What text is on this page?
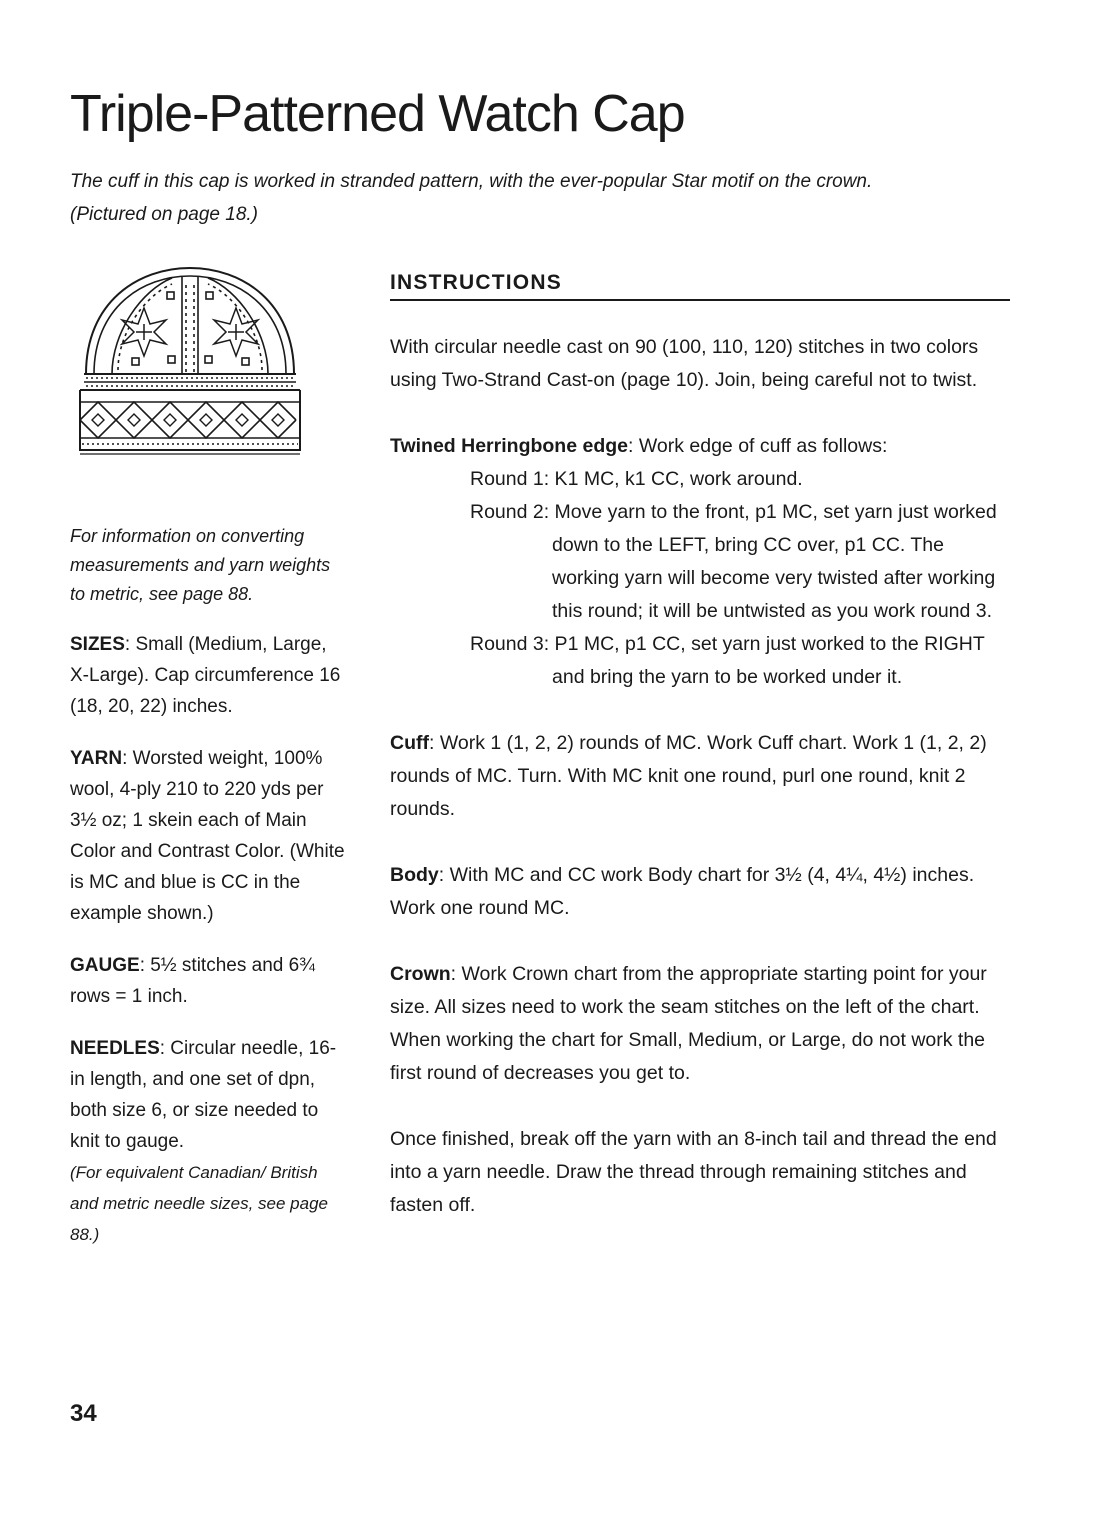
Triple-Patterned Watch Cap
The cuff in this cap is worked in stranded pattern, with the ever-popular Star motif on the crown.
(Pictured on page 18.)

For information on converting measurements and yarn weights to metric, see page 88.

SIZES: Small (Medium, Large, X-Large). Cap circumference 16 (18, 20, 22) inches.

YARN: Worsted weight, 100% wool, 4-ply 210 to 220 yds per 3½ oz; 1 skein each of Main Color and Contrast Color. (White is MC and blue is CC in the example shown.)

GAUGE: 5½ stitches and 6¾ rows = 1 inch.

NEEDLES: Circular needle, 16-in length, and one set of dpn, both size 6, or size needed to knit to gauge.
(For equivalent Canadian/ British and metric needle sizes, see page 88.)

34
INSTRUCTIONS

With circular needle cast on 90 (100, 110, 120) stitches in two colors using Two-Strand Cast-on (page 10). Join, being careful not to twist.

Twined Herringbone edge: Work edge of cuff as follows:
Round 1: K1 MC, k1 CC, work around.
Round 2: Move yarn to the front, p1 MC, set yarn just worked down to the LEFT, bring CC over, p1 CC. The working yarn will become very twisted after working this round; it will be untwisted as you work round 3.
Round 3: P1 MC, p1 CC, set yarn just worked to the RIGHT and bring the yarn to be worked under it.

Cuff: Work 1 (1, 2, 2) rounds of MC. Work Cuff chart. Work 1 (1, 2, 2) rounds of MC. Turn. With MC knit one round, purl one round, knit 2 rounds.

Body: With MC and CC work Body chart for 3½ (4, 4¼, 4½) inches. Work one round MC.

Crown: Work Crown chart from the appropriate starting point for your size. All sizes need to work the seam stitches on the left of the chart. When working the chart for Small, Medium, or Large, do not work the first round of decreases you get to.

Once finished, break off the yarn with an 8-inch tail and thread the end into a yarn needle. Draw the thread through remaining stitches and fasten off.
